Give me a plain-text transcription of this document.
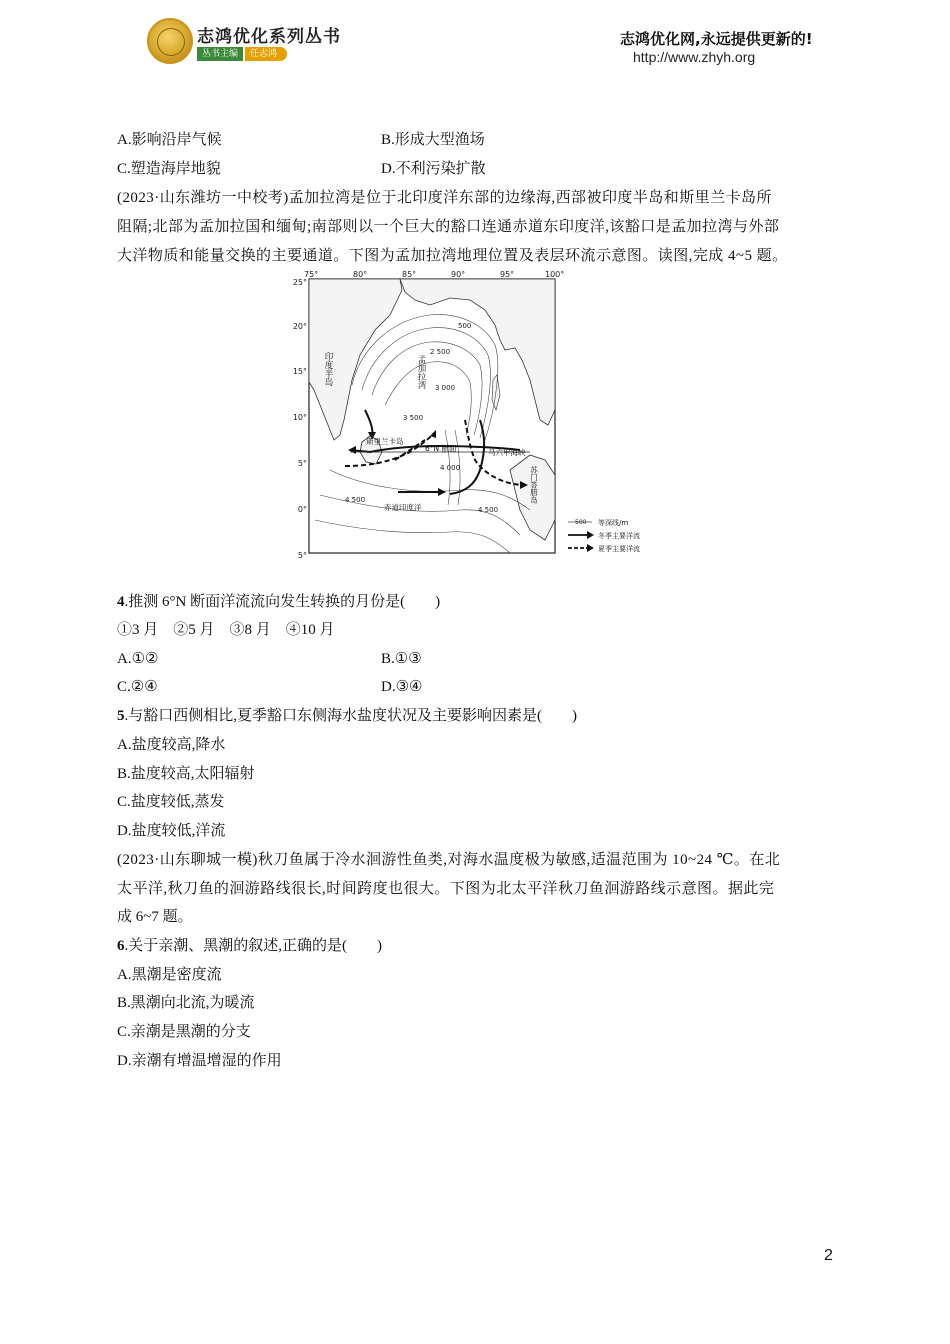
志鸿优化系列丛书
丛书主编	任志鸿
志鸿优化网,永远提供更新的!
http://www.zhyh.org
A.影响沿岸气候	B.形成大型渔场
C.塑造海岸地貌	D.不利污染扩散
(2023·山东潍坊一中校考)孟加拉湾是位于北印度洋东部的边缘海,西部被印度半岛和斯里兰卡岛所
阻隔;北部为孟加拉国和缅甸;南部则以一个巨大的豁口连通赤道东印度洋,该豁口是孟加拉湾与外部
大洋物质和能量交换的主要通道。下图为孟加拉湾地理位置及表层环流示意图。读图,完成 4~5 题。
75°	80°	85°	90°	95°	100°
25°
20°
15°
10°
5°
0°
5°
印度半岛	孟加拉湾
斯里兰卡岛
6°N 断面	马六甲海峡
苏门答腊岛
赤道印度洋
500
2 500
3 000
3 500
4 000
4 500
4 500
500 等深线/m
冬季主要洋流
夏季主要洋流
4.推测 6°N 断面洋流流向发生转换的月份是(　　)
①3 月　②5 月　③8 月　④10 月
A.①②	B.①③
C.②④	D.③④
5.与豁口西侧相比,夏季豁口东侧海水盐度状况及主要影响因素是(　　)
A.盐度较高,降水
B.盐度较高,太阳辐射
C.盐度较低,蒸发
D.盐度较低,洋流
(2023·山东聊城一模)秋刀鱼属于冷水洄游性鱼类,对海水温度极为敏感,适温范围为 10~24 ℃。在北
太平洋,秋刀鱼的洄游路线很长,时间跨度也很大。下图为北太平洋秋刀鱼洄游路线示意图。据此完
成 6~7 题。
6.关于亲潮、黑潮的叙述,正确的是(　　)
A.黑潮是密度流
B.黑潮向北流,为暖流
C.亲潮是黑潮的分支
D.亲潮有增温增湿的作用
2
